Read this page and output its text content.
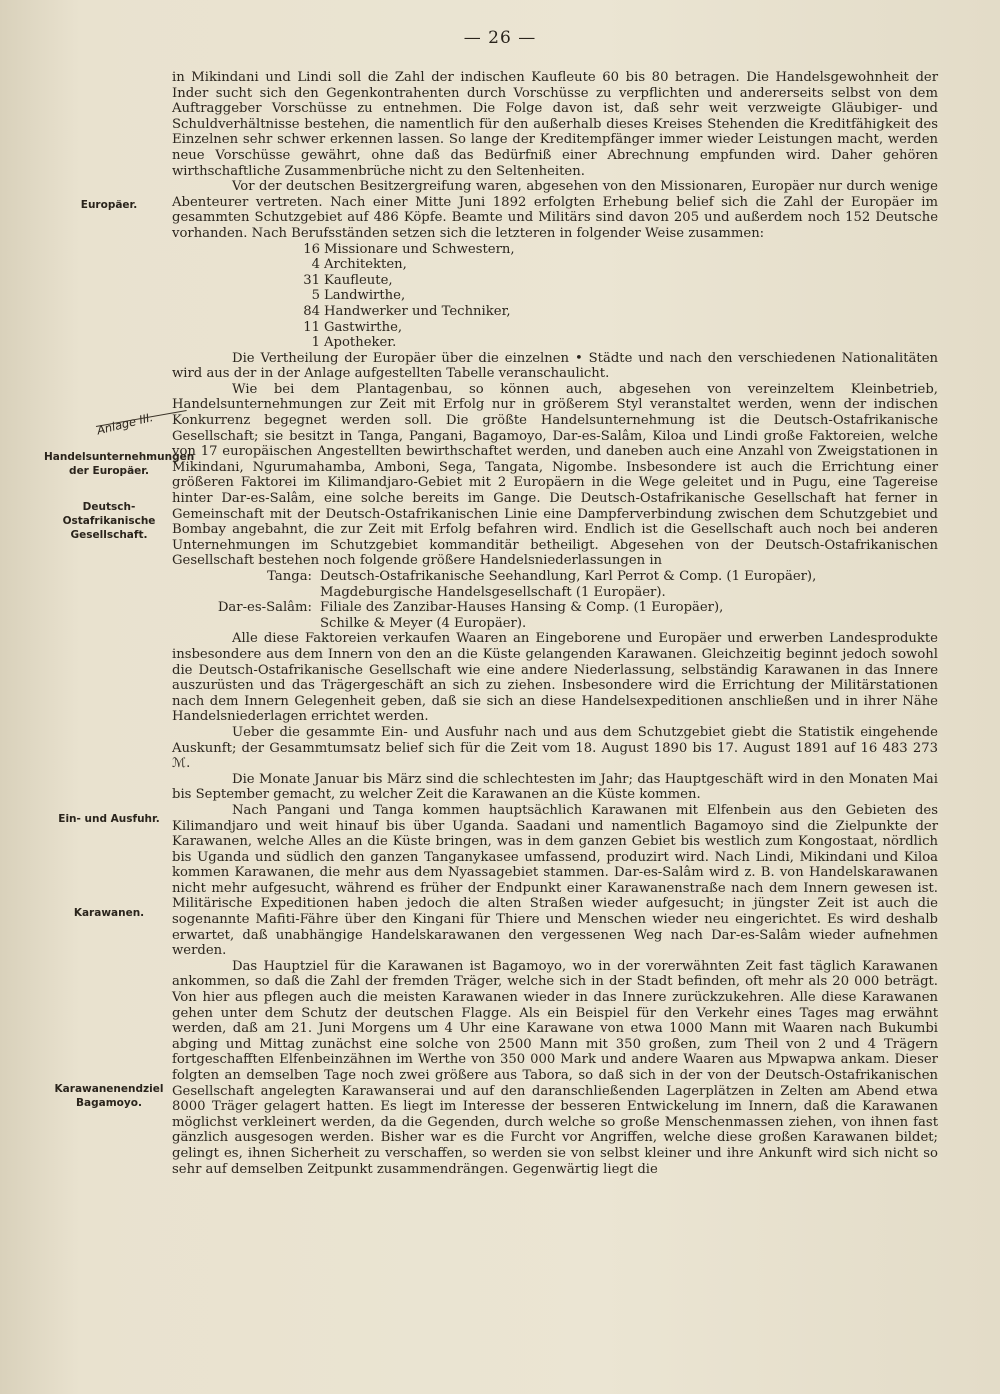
— 26 —
Europäer.
Anlage III.
Handelsunternehmungen der Europäer.
Deutsch-Ostafrikanische Gesellschaft.
Ein- und Ausfuhr.
Karawanen.
Karawanenendziel Bagamoyo.

in Mikindani und Lindi soll die Zahl der indischen Kaufleute 60 bis 80 betragen. Die Handelsgewohnheit der Inder sucht sich den Gegenkontrahenten durch Vorschüsse zu verpflichten und andererseits selbst von dem Auftraggeber Vorschüsse zu entnehmen. Die Folge davon ist, daß sehr weit verzweigte Gläubiger- und Schuldverhältnisse bestehen, die namentlich für den außerhalb dieses Kreises Stehenden die Kreditfähigkeit des Einzelnen sehr schwer erkennen lassen. So lange der Kreditempfänger immer wieder Leistungen macht, werden neue Vorschüsse gewährt, ohne daß das Bedürfniß einer Abrechnung empfunden wird. Daher gehören wirthschaftliche Zusammenbrüche nicht zu den Seltenheiten.

Vor der deutschen Besitzergreifung waren, abgesehen von den Missionaren, Europäer nur durch wenige Abenteurer vertreten. Nach einer Mitte Juni 1892 erfolgten Erhebung belief sich die Zahl der Europäer im gesammten Schutzgebiet auf 486 Köpfe. Beamte und Militärs sind davon 205 und außerdem noch 152 Deutsche vorhanden. Nach Berufsständen setzen sich die letzteren in folgender Weise zusammen:

16 Missionare und Schwestern,
4 Architekten,
31 Kaufleute,
5 Landwirthe,
84 Handwerker und Techniker,
11 Gastwirthe,
1 Apotheker.

Die Vertheilung der Europäer über die einzelnen • Städte und nach den verschiedenen Nationalitäten wird aus der in der Anlage aufgestellten Tabelle veranschaulicht.

Wie bei dem Plantagenbau, so können auch, abgesehen von vereinzeltem Kleinbetrieb, Handelsunternehmungen zur Zeit mit Erfolg nur in größerem Styl veranstaltet werden, wenn der indischen Konkurrenz begegnet werden soll. Die größte Handelsunternehmung ist die Deutsch-Ostafrikanische Gesellschaft; sie besitzt in Tanga, Pangani, Bagamoyo, Dar-es-Salâm, Kiloa und Lindi große Faktoreien, welche von 17 europäischen Angestellten bewirthschaftet werden, und daneben auch eine Anzahl von Zweigstationen in Mikindani, Ngurumahamba, Amboni, Sega, Tangata, Nigombe. Insbesondere ist auch die Errichtung einer größeren Faktorei im Kilimandjaro-Gebiet mit 2 Europäern in die Wege geleitet und in Pugu, eine Tagereise hinter Dar-es-Salâm, eine solche bereits im Gange. Die Deutsch-Ostafrikanische Gesellschaft hat ferner in Gemeinschaft mit der Deutsch-Ostafrikanischen Linie eine Dampferverbindung zwischen dem Schutzgebiet und Bombay angebahnt, die zur Zeit mit Erfolg befahren wird. Endlich ist die Gesellschaft auch noch bei anderen Unternehmungen im Schutzgebiet kommanditär betheiligt. Abgesehen von der Deutsch-Ostafrikanischen Gesellschaft bestehen noch folgende größere Handelsniederlassungen in

Tanga: Deutsch-Ostafrikanische Seehandlung, Karl Perrot & Comp. (1 Europäer),
Magdeburgische Handelsgesellschaft (1 Europäer).
Dar-es-Salâm: Filiale des Zanzibar-Hauses Hansing & Comp. (1 Europäer),
Schilke & Meyer (4 Europäer).

Alle diese Faktoreien verkaufen Waaren an Eingeborene und Europäer und erwerben Landesprodukte insbesondere aus dem Innern von den an die Küste gelangenden Karawanen. Gleichzeitig beginnt jedoch sowohl die Deutsch-Ostafrikanische Gesellschaft wie eine andere Niederlassung, selbständig Karawanen in das Innere auszurüsten und das Trägergeschäft an sich zu ziehen. Insbesondere wird die Errichtung der Militärstationen nach dem Innern Gelegenheit geben, daß sie sich an diese Handelsexpeditionen anschließen und in ihrer Nähe Handelsniederlagen errichtet werden.

Ueber die gesammte Ein- und Ausfuhr nach und aus dem Schutzgebiet giebt die Statistik eingehende Auskunft; der Gesammtumsatz belief sich für die Zeit vom 18. August 1890 bis 17. August 1891 auf 16 483 273 ℳ.

Die Monate Januar bis März sind die schlechtesten im Jahr; das Hauptgeschäft wird in den Monaten Mai bis September gemacht, zu welcher Zeit die Karawanen an die Küste kommen.

Nach Pangani und Tanga kommen hauptsächlich Karawanen mit Elfenbein aus den Gebieten des Kilimandjaro und weit hinauf bis über Uganda. Saadani und namentlich Bagamoyo sind die Zielpunkte der Karawanen, welche Alles an die Küste bringen, was in dem ganzen Gebiet bis westlich zum Kongostaat, nördlich bis Uganda und südlich den ganzen Tanganykasee umfassend, produzirt wird. Nach Lindi, Mikindani und Kiloa kommen Karawanen, die mehr aus dem Nyassagebiet stammen. Dar-es-Salâm wird z. B. von Handelskarawanen nicht mehr aufgesucht, während es früher der Endpunkt einer Karawanenstraße nach dem Innern gewesen ist. Militärische Expeditionen haben jedoch die alten Straßen wieder aufgesucht; in jüngster Zeit ist auch die sogenannte Mafiti-Fähre über den Kingani für Thiere und Menschen wieder neu eingerichtet. Es wird deshalb erwartet, daß unabhängige Handelskarawanen den vergessenen Weg nach Dar-es-Salâm wieder aufnehmen werden.

Das Hauptziel für die Karawanen ist Bagamoyo, wo in der vorerwähnten Zeit fast täglich Karawanen ankommen, so daß die Zahl der fremden Träger, welche sich in der Stadt befinden, oft mehr als 20 000 beträgt. Von hier aus pflegen auch die meisten Karawanen wieder in das Innere zurückzukehren. Alle diese Karawanen gehen unter dem Schutz der deutschen Flagge. Als ein Beispiel für den Verkehr eines Tages mag erwähnt werden, daß am 21. Juni Morgens um 4 Uhr eine Karawane von etwa 1000 Mann mit Waaren nach Bukumbi abging und Mittag zunächst eine solche von 2500 Mann mit 350 großen, zum Theil von 2 und 4 Trägern fortgeschafften Elfenbeinzähnen im Werthe von 350 000 Mark und andere Waaren aus Mpwapwa ankam. Dieser folgten an demselben Tage noch zwei größere aus Tabora, so daß sich in der von der Deutsch-Ostafrikanischen Gesellschaft angelegten Karawanserai und auf den daranschließenden Lagerplätzen in Zelten am Abend etwa 8000 Träger gelagert hatten. Es liegt im Interesse der besseren Entwickelung im Innern, daß die Karawanen möglichst verkleinert werden, da die Gegenden, durch welche so große Menschenmassen ziehen, von ihnen fast gänzlich ausgesogen werden. Bisher war es die Furcht vor Angriffen, welche diese großen Karawanen bildet; gelingt es, ihnen Sicherheit zu verschaffen, so werden sie von selbst kleiner und ihre Ankunft wird sich nicht so sehr auf demselben Zeitpunkt zusammendrängen. Gegenwärtig liegt die
